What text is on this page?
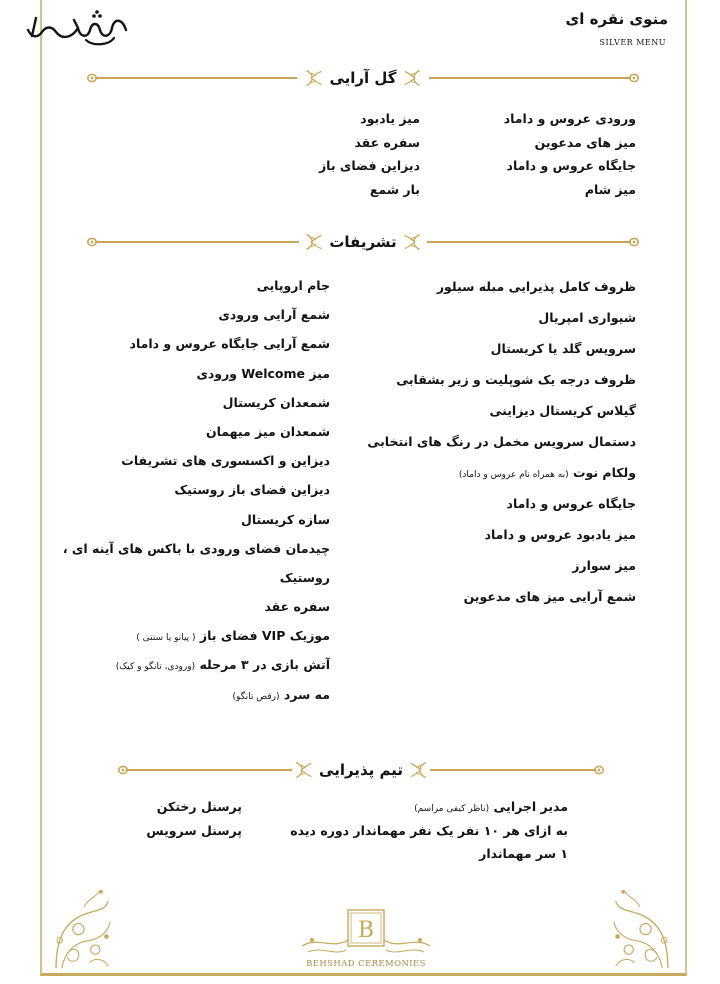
منوی نقره ای
SILVER MENU
گل آرایی
ورودی عروس و داماد
میز های مدعوین
جایگاه عروس و داماد
میز شام
میز یادبود
سفره عقد
دیزاین فضای باز
بار شمع
تشریفات
ظروف کامل پذیرایی مبله سیلور
شیواری امپریال
سرویس گلد یا کریستال
ظروف درجه یک شوپلیت و زیر بشقابی
گیلاس کریستال دیزاینی
دستمال سرویس مخمل در رنگ های انتخابی
ولکام نوت (به همراه نام عروس و داماد)
جایگاه عروس و داماد
میز یادبود عروس و داماد
میز سوارز
شمع آرایی میز های مدعوین
جام اروپایی
شمع آرایی ورودی
شمع آرایی جایگاه عروس و داماد
میز Welcome ورودی
شمعدان کریستال
شمعدان میز میهمان
دیزاین و اکسسوری های تشریفات
دیزاین فضای باز روستیک
سازه کریستال
چیدمان فضای ورودی با باکس های آینه ای ،
روستیک
سفره عقد
موزیک VIP فضای باز ( پیانو یا سنتی )
آتش بازی در ۳ مرحله (ورودی، تانگو و کیک)
مه سرد (رقص تانگو)
تیم پذیرایی
مدیر اجرایی (ناظر کیفی مراسم)
به ازای هر ۱۰ نفر یک نفر مهماندار دوره دیده
۱ سر مهماندار
پرسنل رختکن
پرسنل سرویس
B
BEHSHAD CEREMONIES
